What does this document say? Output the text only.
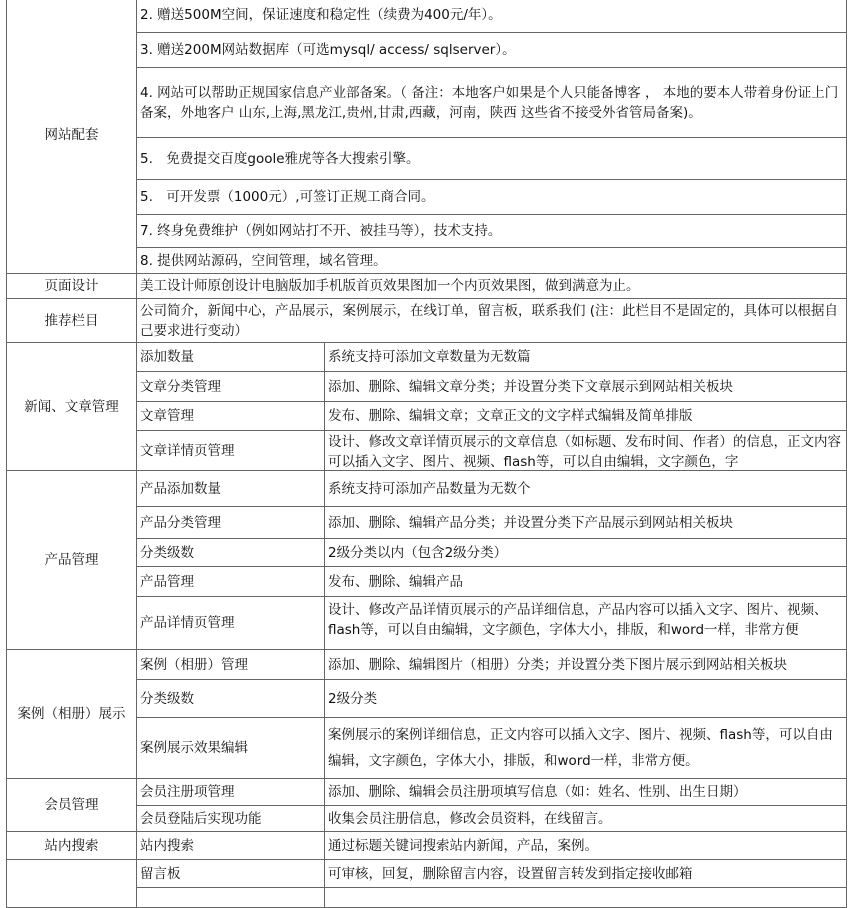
网站配套	2. 赠送500M空间，保证速度和稳定性（续费为400元/年）。	
	3. 赠送200M网站数据库（可选mysql/ access/ sqlserver）。	
	4. 网站可以帮助正规国家信息产业部备案。（ 备注：本地客户如果是个人只能备博客 ， 本地的要本人带着身份证上门备案，外地客户 山东,上海,黑龙江,贵州,甘肃,西藏，河南，陕西 这些省不接受外省管局备案)。	
	5.　免费提交百度goole雅虎等各大搜索引擎。	
	5.　可开发票（1000元）,可签订正规工商合同。	
	7. 终身免费维护（例如网站打不开、被挂马等），技术支持。	
	8. 提供网站源码，空间管理，域名管理。	
页面设计	美工设计师原创设计电脑版加手机版首页效果图加一个内页效果图，做到满意为止。	
推荐栏目	公司简介，新闻中心，产品展示，案例展示，在线订单，留言板，联系我们 (注：此栏目不是固定的，具体可以根据自己要求进行变动）	
新闻、文章管理	添加数量	系统支持可添加文章数量为无数篇
	文章分类管理	添加、删除、编辑文章分类；并设置分类下文章展示到网站相关板块
	文章管理	发布、删除、编辑文章；文章正文的文字样式编辑及简单排版
	文章详情页管理	设计、修改文章详情页展示的文章信息（如标题、发布时间、作者）的信息，正文内容可以插入文字、图片、视频、flash等，可以自由编辑，文字颜色，字

产品管理	产品添加数量	系统支持可添加产品数量为无数个
	产品分类管理	添加、删除、编辑产品分类；并设置分类下产品展示到网站相关板块
	分类级数	2级分类以内（包含2级分类）
	产品管理	发布、删除、编辑产品
	产品详情页管理	设计、修改产品详情页展示的产品详细信息，产品内容可以插入文字、图片、视频、flash等，可以自由编辑，文字颜色，字体大小，排版，和word一样，非常方便

案例（相册）展示	案例（相册）管理	添加、删除、编辑图片（相册）分类；并设置分类下图片展示到网站相关板块
	分类级数	2级分类
	案例展示效果编辑	案例展示的案例详细信息，正文内容可以插入文字、图片、视频、flash等，可以自由编辑，文字颜色，字体大小，排版，和word一样，非常方便。
会员管理	会员注册项管理	添加、删除、编辑会员注册项填写信息（如：姓名、性别、出生日期）
	会员登陆后实现功能	收集会员注册信息，修改会员资料，在线留言。
站内搜索	站内搜索	通过标题关键词搜索站内新闻，产品，案例。
	留言板	可审核，回复，删除留言内容，设置留言转发到指定接收邮箱
